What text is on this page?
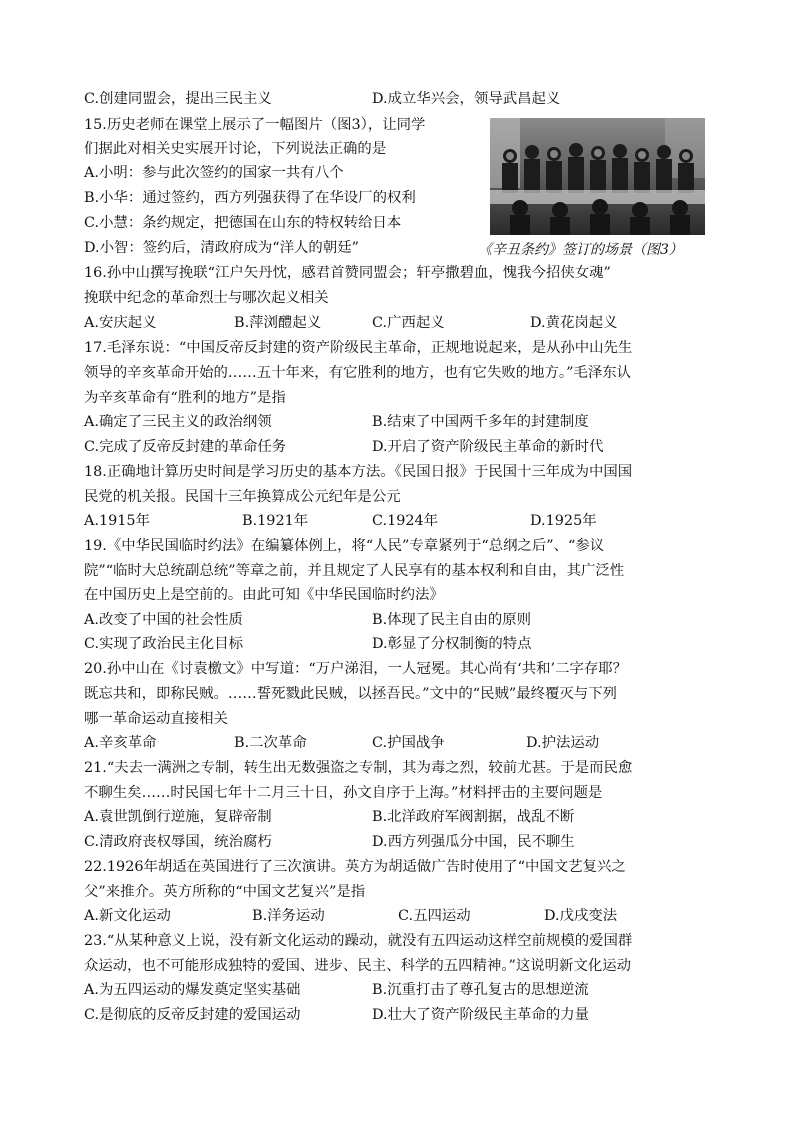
C.创建同盟会，提出三民主义	D.成立华兴会，领导武昌起义
15.历史老师在课堂上展示了一幅图片（图3），让同学
们据此对相关史实展开讨论，下列说法正确的是
A.小明：参与此次签约的国家一共有八个
B.小华：通过签约，西方列强获得了在华设厂的权利
C.小慧：条约规定，把德国在山东的特权转给日本
D.小智：签约后，清政府成为“洋人的朝廷”	《辛丑条约》签订的场景（图3）
16.孙中山撰写挽联“江户矢丹忱，感君首赞同盟会；轩亭撒碧血，愧我今招侠女魂”
挽联中纪念的革命烈士与哪次起义相关
A.安庆起义	B.萍浏醴起义	C.广西起义	D.黄花岗起义
17.毛泽东说：“中国反帝反封建的资产阶级民主革命，正规地说起来，是从孙中山先生
领导的辛亥革命开始的……五十年来，有它胜利的地方，也有它失败的地方。”毛泽东认
为辛亥革命有“胜利的地方”是指
A.确定了三民主义的政治纲领	B.结束了中国两千多年的封建制度
C.完成了反帝反封建的革命任务	D.开启了资产阶级民主革命的新时代
18.正确地计算历史时间是学习历史的基本方法。《民国日报》于民国十三年成为中国国
民党的机关报。民国十三年换算成公元纪年是公元
A.1915年	B.1921年	C.1924年	D.1925年
19.《中华民国临时约法》在编纂体例上，将“人民”专章紧列于“总纲之后”、“参议
院”“临时大总统副总统”等章之前，并且规定了人民享有的基本权利和自由，其广泛性
在中国历史上是空前的。由此可知《中华民国临时约法》
A.改变了中国的社会性质	B.体现了民主自由的原则
C.实现了政治民主化目标	D.彰显了分权制衡的特点
20.孙中山在《讨袁檄文》中写道：“万户涕泪，一人冠冕。其心尚有‘共和’二字存耶？
既忘共和，即称民贼。……誓死戮此民贼，以拯吾民。”文中的“民贼”最终覆灭与下列
哪一革命运动直接相关
A.辛亥革命	B.二次革命	C.护国战争	D.护法运动
21.“夫去一满洲之专制，转生出无数强盗之专制，其为毒之烈，较前尤甚。于是而民愈
不聊生矣……时民国七年十二月三十日，孙文自序于上海。”材料抨击的主要问题是
A.袁世凯倒行逆施，复辟帝制	B.北洋政府军阀割据，战乱不断
C.清政府丧权辱国，统治腐朽	D.西方列强瓜分中国，民不聊生
22.1926年胡适在英国进行了三次演讲。英方为胡适做广告时使用了“中国文艺复兴之
父”来推介。英方所称的“中国文艺复兴”是指
A.新文化运动	B.洋务运动	C.五四运动	D.戊戌变法
23.“从某种意义上说，没有新文化运动的躁动，就没有五四运动这样空前规模的爱国群
众运动，也不可能形成独特的爱国、进步、民主、科学的五四精神。”这说明新文化运动
A.为五四运动的爆发奠定坚实基础	B.沉重打击了尊孔复古的思想逆流
C.是彻底的反帝反封建的爱国运动	D.壮大了资产阶级民主革命的力量
